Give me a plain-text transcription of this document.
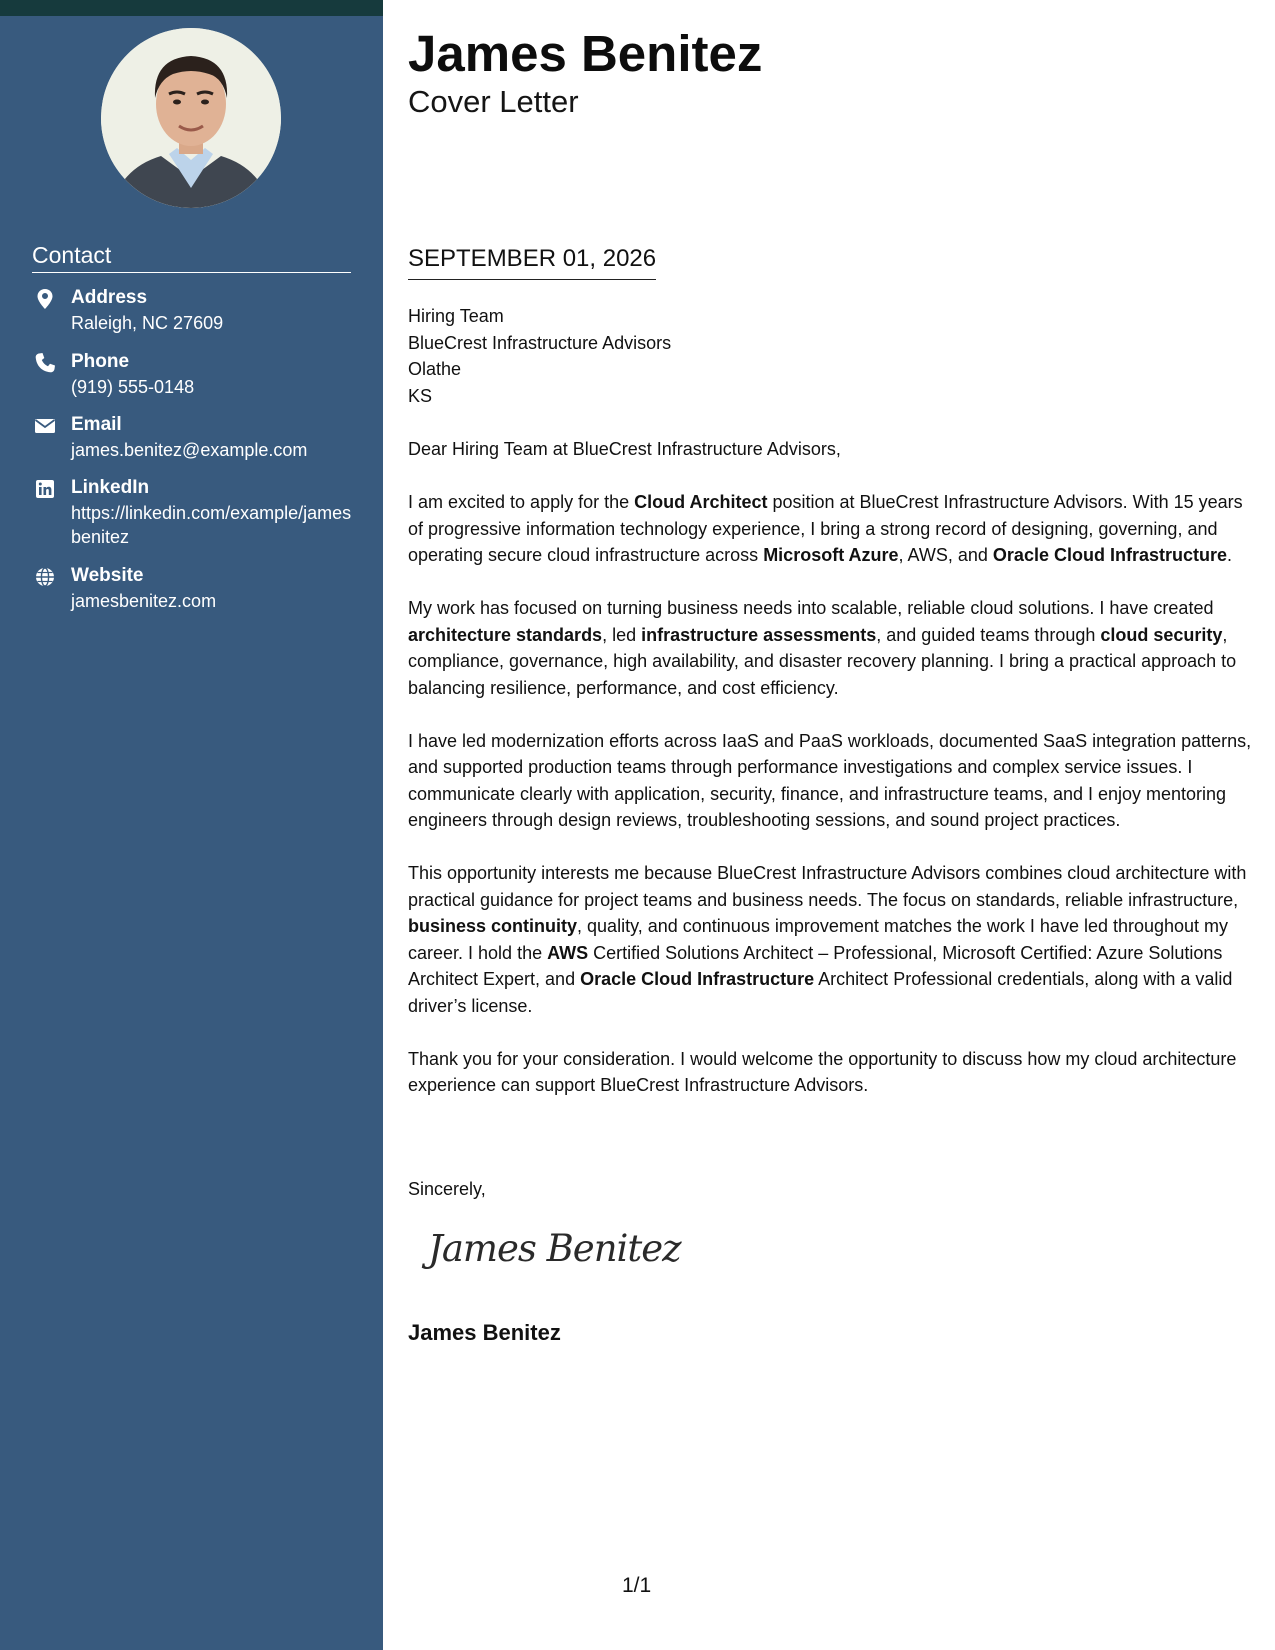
Contact
Address
Raleigh, NC 27609
Phone
(919) 555-0148
Email
james.benitez@example.com
LinkedIn
https://linkedin.com/example/jamesbenitez
Website
jamesbenitez.com
James Benitez
Cover Letter
SEPTEMBER 01, 2026
Hiring Team
BlueCrest Infrastructure Advisors
Olathe
KS

Dear Hiring Team at BlueCrest Infrastructure Advisors,

I am excited to apply for the Cloud Architect position at BlueCrest Infrastructure Advisors. With 15 years of progressive information technology experience, I bring a strong record of designing, governing, and operating secure cloud infrastructure across Microsoft Azure, AWS, and Oracle Cloud Infrastructure.

My work has focused on turning business needs into scalable, reliable cloud solutions. I have created architecture standards, led infrastructure assessments, and guided teams through cloud security, compliance, governance, high availability, and disaster recovery planning. I bring a practical approach to balancing resilience, performance, and cost efficiency.

I have led modernization efforts across IaaS and PaaS workloads, documented SaaS integration patterns, and supported production teams through performance investigations and complex service issues. I communicate clearly with application, security, finance, and infrastructure teams, and I enjoy mentoring engineers through design reviews, troubleshooting sessions, and sound project practices.

This opportunity interests me because BlueCrest Infrastructure Advisors combines cloud architecture with practical guidance for project teams and business needs. The focus on standards, reliable infrastructure, business continuity, quality, and continuous improvement matches the work I have led throughout my career. I hold the AWS Certified Solutions Architect – Professional, Microsoft Certified: Azure Solutions Architect Expert, and Oracle Cloud Infrastructure Architect Professional credentials, along with a valid driver’s license.

Thank you for your consideration. I would welcome the opportunity to discuss how my cloud architecture experience can support BlueCrest Infrastructure Advisors.

Sincerely,
James Benitez
James Benitez
1/1
